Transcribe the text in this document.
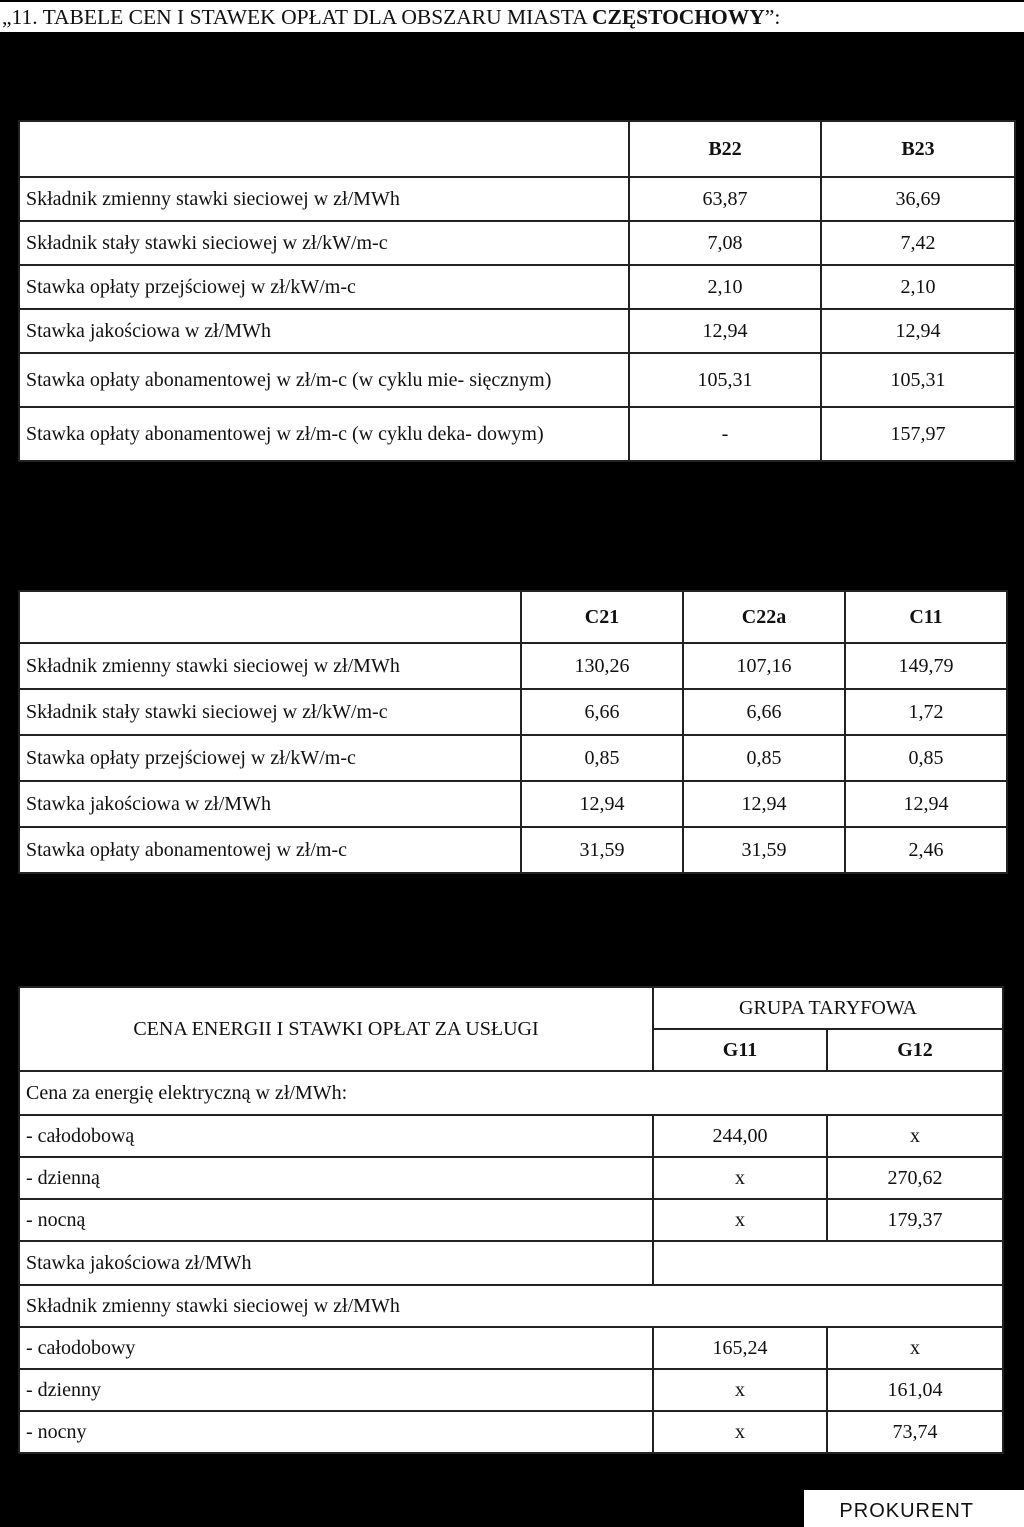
„11. TABELE CEN I STAWEK OPŁAT DLA OBSZARU MIASTA CZĘSTOCHOWY”:
	B22	B23
Składnik zmienny stawki sieciowej w zł/MWh	63,87	36,69
Składnik stały stawki sieciowej w zł/kW/m-c	7,08	7,42
Stawka opłaty przejściowej w zł/kW/m-c	2,10	2,10
Stawka jakościowa w zł/MWh	12,94	12,94
Stawka opłaty abonamentowej w zł/m-c (w cyklu mie- sięcznym)	105,31	105,31
Stawka opłaty abonamentowej w zł/m-c (w cyklu deka- dowym)	-	157,97
	C21	C22a	C11
Składnik zmienny stawki sieciowej w zł/MWh	130,26	107,16	149,79
Składnik stały stawki sieciowej w zł/kW/m-c	6,66	6,66	1,72
Stawka opłaty przejściowej w zł/kW/m-c	0,85	0,85	0,85
Stawka jakościowa w zł/MWh	12,94	12,94	12,94
Stawka opłaty abonamentowej w zł/m-c	31,59	31,59	2,46
CENA ENERGII I STAWKI OPŁAT ZA USŁUGI	GRUPA TARYFOWA	
	G11	G12
Cena za energię elektryczną w zł/MWh:		
- całodobową	244,00	x
- dzienną	x	270,62
- nocną	x	179,37
Stawka jakościowa zł/MWh		
Składnik zmienny stawki sieciowej w zł/MWh		
- całodobowy	165,24	x
- dzienny	x	161,04
- nocny	x	73,74
PROKURENT
